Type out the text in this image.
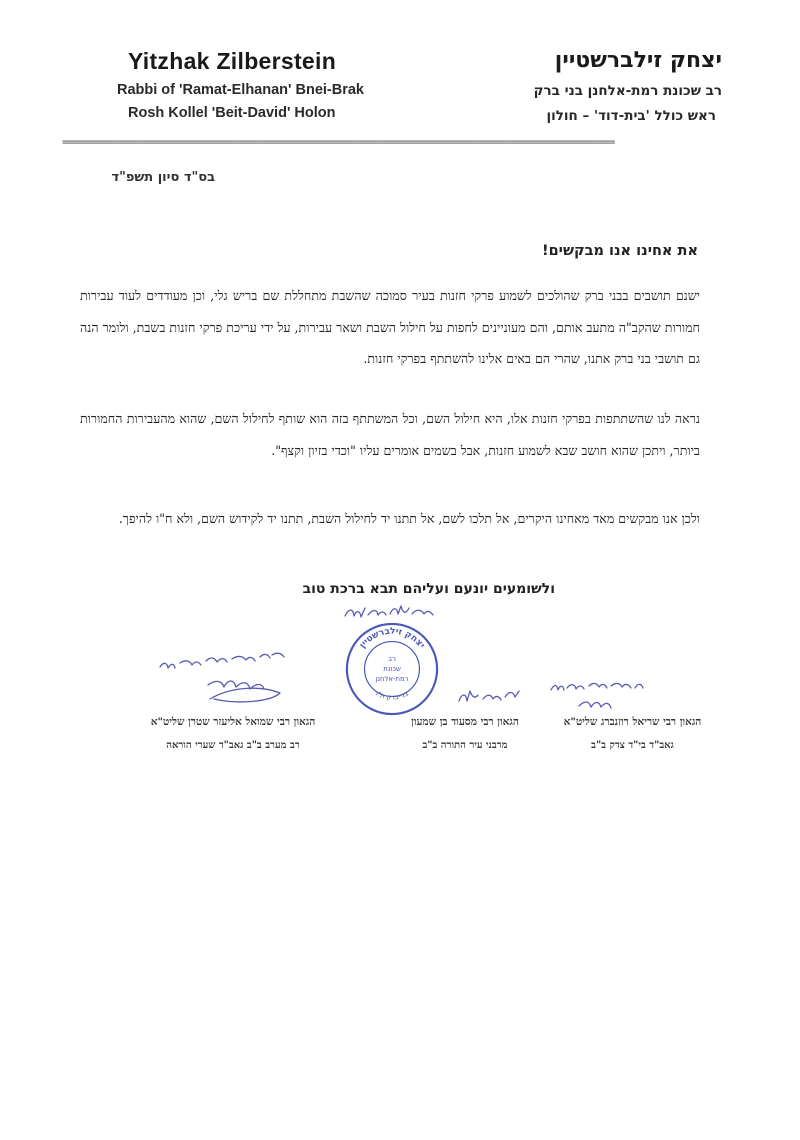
Yitzhak Zilberstein
Rabbi of 'Ramat-Elhanan' Bnei-Brak
Rosh Kollel 'Beit-David' Holon
יצחק זילברשטיין
רב שכונת רמת-אלחנן בני ברק
ראש כולל 'בית-דוד' – חולון
==============================================================================================================
בס"ד סיון תשפ"ד
את אחינו אנו מבקשים!
ישנם תושבים בבני ברק שהולכים לשמוע פרקי חזנות בעיר סמוכה שהשבת מתחללת שם בריש גלי, וכן מעודדים לעוד עבירות חמורות שהקב"ה מתעב אותם, והם מעוניינים לחפות על חילול השבת ושאר עבירות, על ידי עריכת פרקי חזנות בשבת, ולומר הנה גם תושבי בני ברק אתנו, שהרי הם באים אלינו להשתתף בפרקי חזנות.
נראה לנו שהשתתפות בפרקי חזנות אלו, היא חילול השם, וכל המשתתף בזה הוא שותף לחילול השם, שהוא מהעבירות החמורות ביותר, ויתכן שהוא חושב שבא לשמוע חזנות, אבל בשמים אומרים עליו "וכדי בזיון וקצף".
ולכן אנו מבקשים מאד מאחינו היקרים, אל תלכו לשם, אל תתנו יד לחילול השבת, תתנו יד לקידוש השם, ולא ח"ו להיפך.
ולשומעים יונעם ועליהם תבא ברכת טוב
יצחק זילברשטיין
בני-ברק ת"ו
רב
שכונת
רמת-אלחנן
הגאון רבי שמואל אליעזר שטרן שליט"א
רב מערב ב"ב גאב"ד שערי הוראה
הגאון רבי מסעוד בן שמעון
מרבני עיר התורה ב"ב
הגאון רבי שריאל רוזנברג שליט"א
גאב"ד בי"ד צדק ב"ב
